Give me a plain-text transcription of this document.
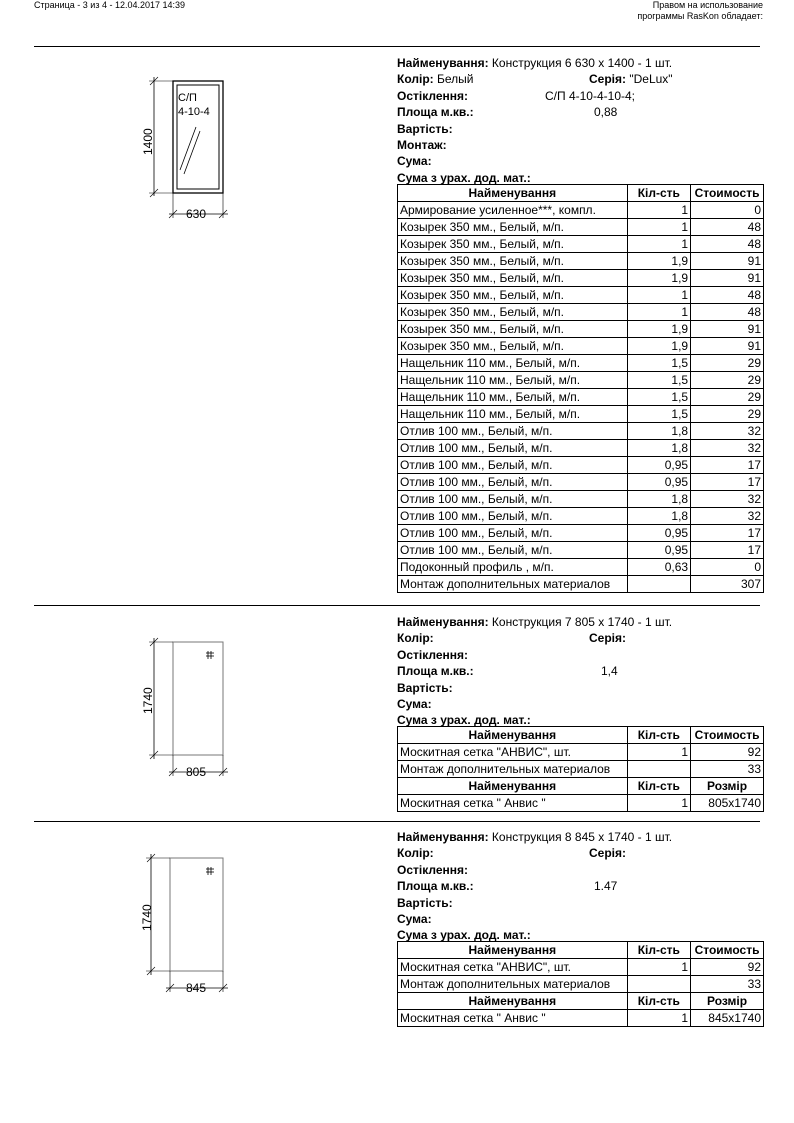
Страница - 3 из 4 - 12.04.2017 14:39	Правом на использование
программы RasKon обладает:
С/П
4-10-4
630
1400
Найменування: Конструкция 6 630 x 1400 - 1 шт.
Колір: Белый	Серія: "DeLux"
Остіклення:	С/П 4-10-4-10-4;
Площа м.кв.:	0,88
Вартість:
Монтаж:
Сума:
Сума з урах. дод. мат.:
Найменування	Кіл-сть	Стоимость
Армирование усиленное***, компл.	1	0
Козырек 350 мм., Белый, м/п.	1	48
Козырек 350 мм., Белый, м/п.	1	48
Козырек 350 мм., Белый, м/п.	1,9	91
Козырек 350 мм., Белый, м/п.	1,9	91
Козырек 350 мм., Белый, м/п.	1	48
Козырек 350 мм., Белый, м/п.	1	48
Козырек 350 мм., Белый, м/п.	1,9	91
Козырек 350 мм., Белый, м/п.	1,9	91
Нащельник 110 мм., Белый, м/п.	1,5	29
Нащельник 110 мм., Белый, м/п.	1,5	29
Нащельник 110 мм., Белый, м/п.	1,5	29
Нащельник 110 мм., Белый, м/п.	1,5	29
Отлив 100 мм., Белый, м/п.	1,8	32
Отлив 100 мм., Белый, м/п.	1,8	32
Отлив 100 мм., Белый, м/п.	0,95	17
Отлив 100 мм., Белый, м/п.	0,95	17
Отлив 100 мм., Белый, м/п.	1,8	32
Отлив 100 мм., Белый, м/п.	1,8	32
Отлив 100 мм., Белый, м/п.	0,95	17
Отлив 100 мм., Белый, м/п.	0,95	17
Подоконный профиль , м/п.	0,63	0
Монтаж дополнительных материалов		307
805
1740
Найменування: Конструкция 7 805 x 1740 - 1 шт.
Колір:	Серія:
Остіклення:
Площа м.кв.:	1,4
Вартість:
Сума:
Сума з урах. дод. мат.:
Найменування	Кіл-сть	Стоимость
Москитная сетка "АНВИС", шт.	1	92
Монтаж дополнительных материалов		33
Найменування	Кіл-сть	Розмір
Москитная сетка " Анвис "	1	805x1740
845
1740
Найменування: Конструкция 8 845 x 1740 - 1 шт.
Колір:	Серія:
Остіклення:
Площа м.кв.:	1.47
Вартість:
Сума:
Сума з урах. дод. мат.:
Найменування	Кіл-сть	Стоимость
Москитная сетка "АНВИС", шт.	1	92
Монтаж дополнительных материалов		33
Найменування	Кіл-сть	Розмір
Москитная сетка " Анвис "	1	845x1740
